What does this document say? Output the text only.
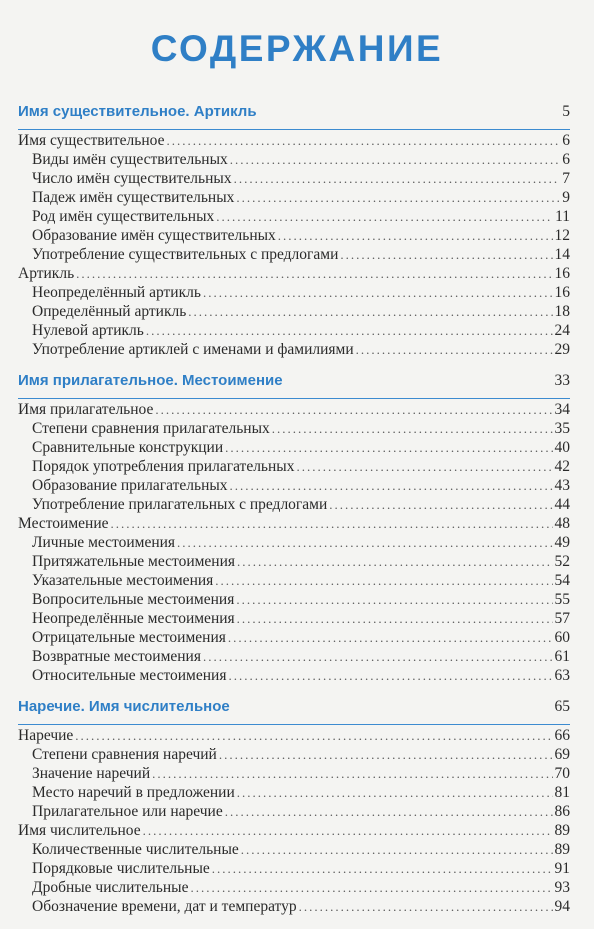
СОДЕРЖАНИЕ
Имя существительное. Артикль	5
Имя существительное .....	6
Виды имён существительных .....	6
Число имён существительных .....	7
Падеж имён существительных .....	9
Род имён существительных .....	11
Образование имён существительных .....	12
Употребление существительных с предлогами .....	14
Артикль .....	16
Неопределённый артикль .....	16
Определённый артикль .....	18
Нулевой артикль .....	24
Употребление артиклей с именами и фамилиями .....	29
Имя прилагательное. Местоимение	33
Имя прилагательное .....	34
Степени сравнения прилагательных .....	35
Сравнительные конструкции .....	40
Порядок употребления прилагательных .....	42
Образование прилагательных .....	43
Употребление прилагательных с предлогами .....	44
Местоимение .....	48
Личные местоимения .....	49
Притяжательные местоимения .....	52
Указательные местоимения .....	54
Вопросительные местоимения .....	55
Неопределённые местоимения .....	57
Отрицательные местоимения .....	60
Возвратные местоимения .....	61
Относительные местоимения .....	63
Наречие. Имя числительное	65
Наречие .....	66
Степени сравнения наречий .....	69
Значение наречий .....	70
Место наречий в предложении .....	81
Прилагательное или наречие .....	86
Имя числительное .....	89
Количественные числительные .....	89
Порядковые числительные .....	91
Дробные числительные .....	93
Обозначение времени, дат и температур .....	94
